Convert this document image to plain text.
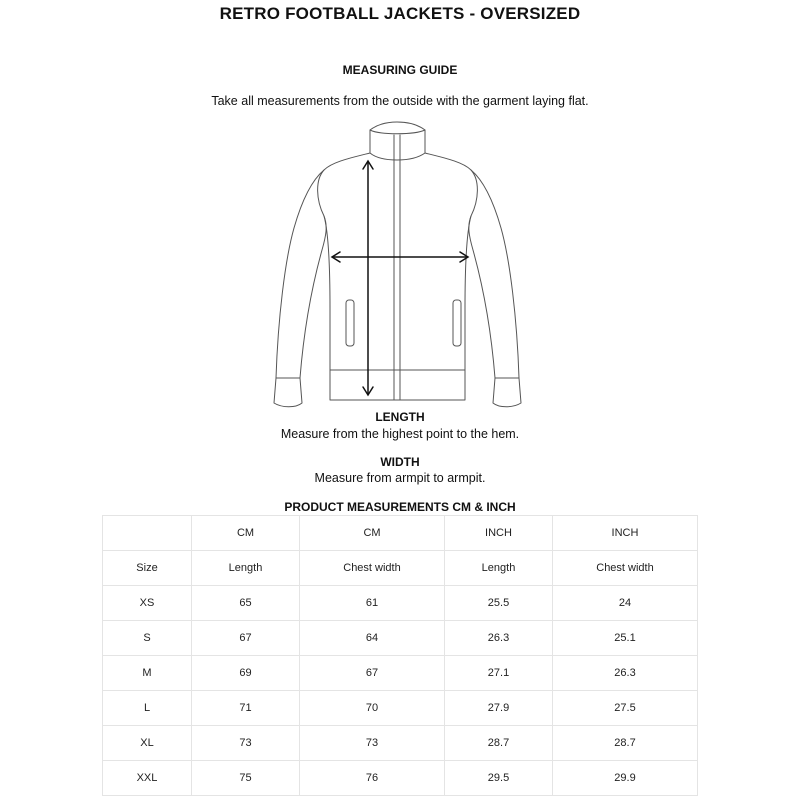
RETRO FOOTBALL JACKETS - OVERSIZED
MEASURING GUIDE
Take all measurements from the outside with the garment laying flat.
LENGTH
Measure from the highest point to the hem.
WIDTH
Measure from armpit to armpit.
PRODUCT MEASUREMENTS CM & INCH
	CM	CM	INCH	INCH
Size	Length	Chest width	Length	Chest width
XS	65	61	25.5	24
S	67	64	26.3	25.1
M	69	67	27.1	26.3
L	71	70	27.9	27.5
XL	73	73	28.7	28.7
XXL	75	76	29.5	29.9
